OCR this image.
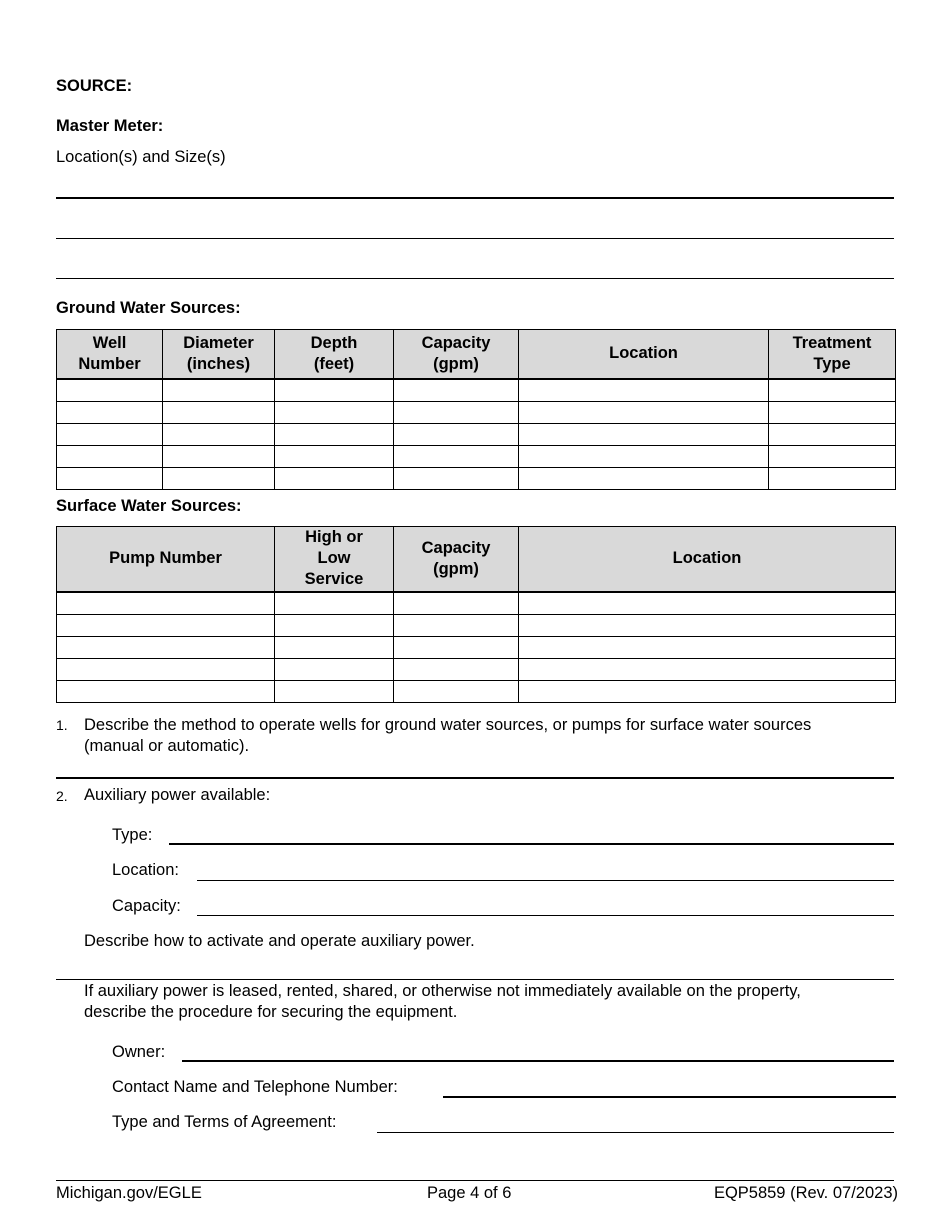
SOURCE:
Master Meter:
Location(s) and Size(s)
Ground Water Sources:
Well Number	Diameter (inches)	Depth (feet)	Capacity (gpm)	Location	Treatment Type

Surface Water Sources:
Pump Number	High or Low Service	Capacity (gpm)	Location

1. Describe the method to operate wells for ground water sources, or pumps for surface water sources (manual or automatic).
2. Auxiliary power available:
Type:
Location:
Capacity:
Describe how to activate and operate auxiliary power.
If auxiliary power is leased, rented, shared, or otherwise not immediately available on the property, describe the procedure for securing the equipment.
Owner:
Contact Name and Telephone Number:
Type and Terms of Agreement:
Michigan.gov/EGLE	Page 4 of 6	EQP5859 (Rev. 07/2023)
